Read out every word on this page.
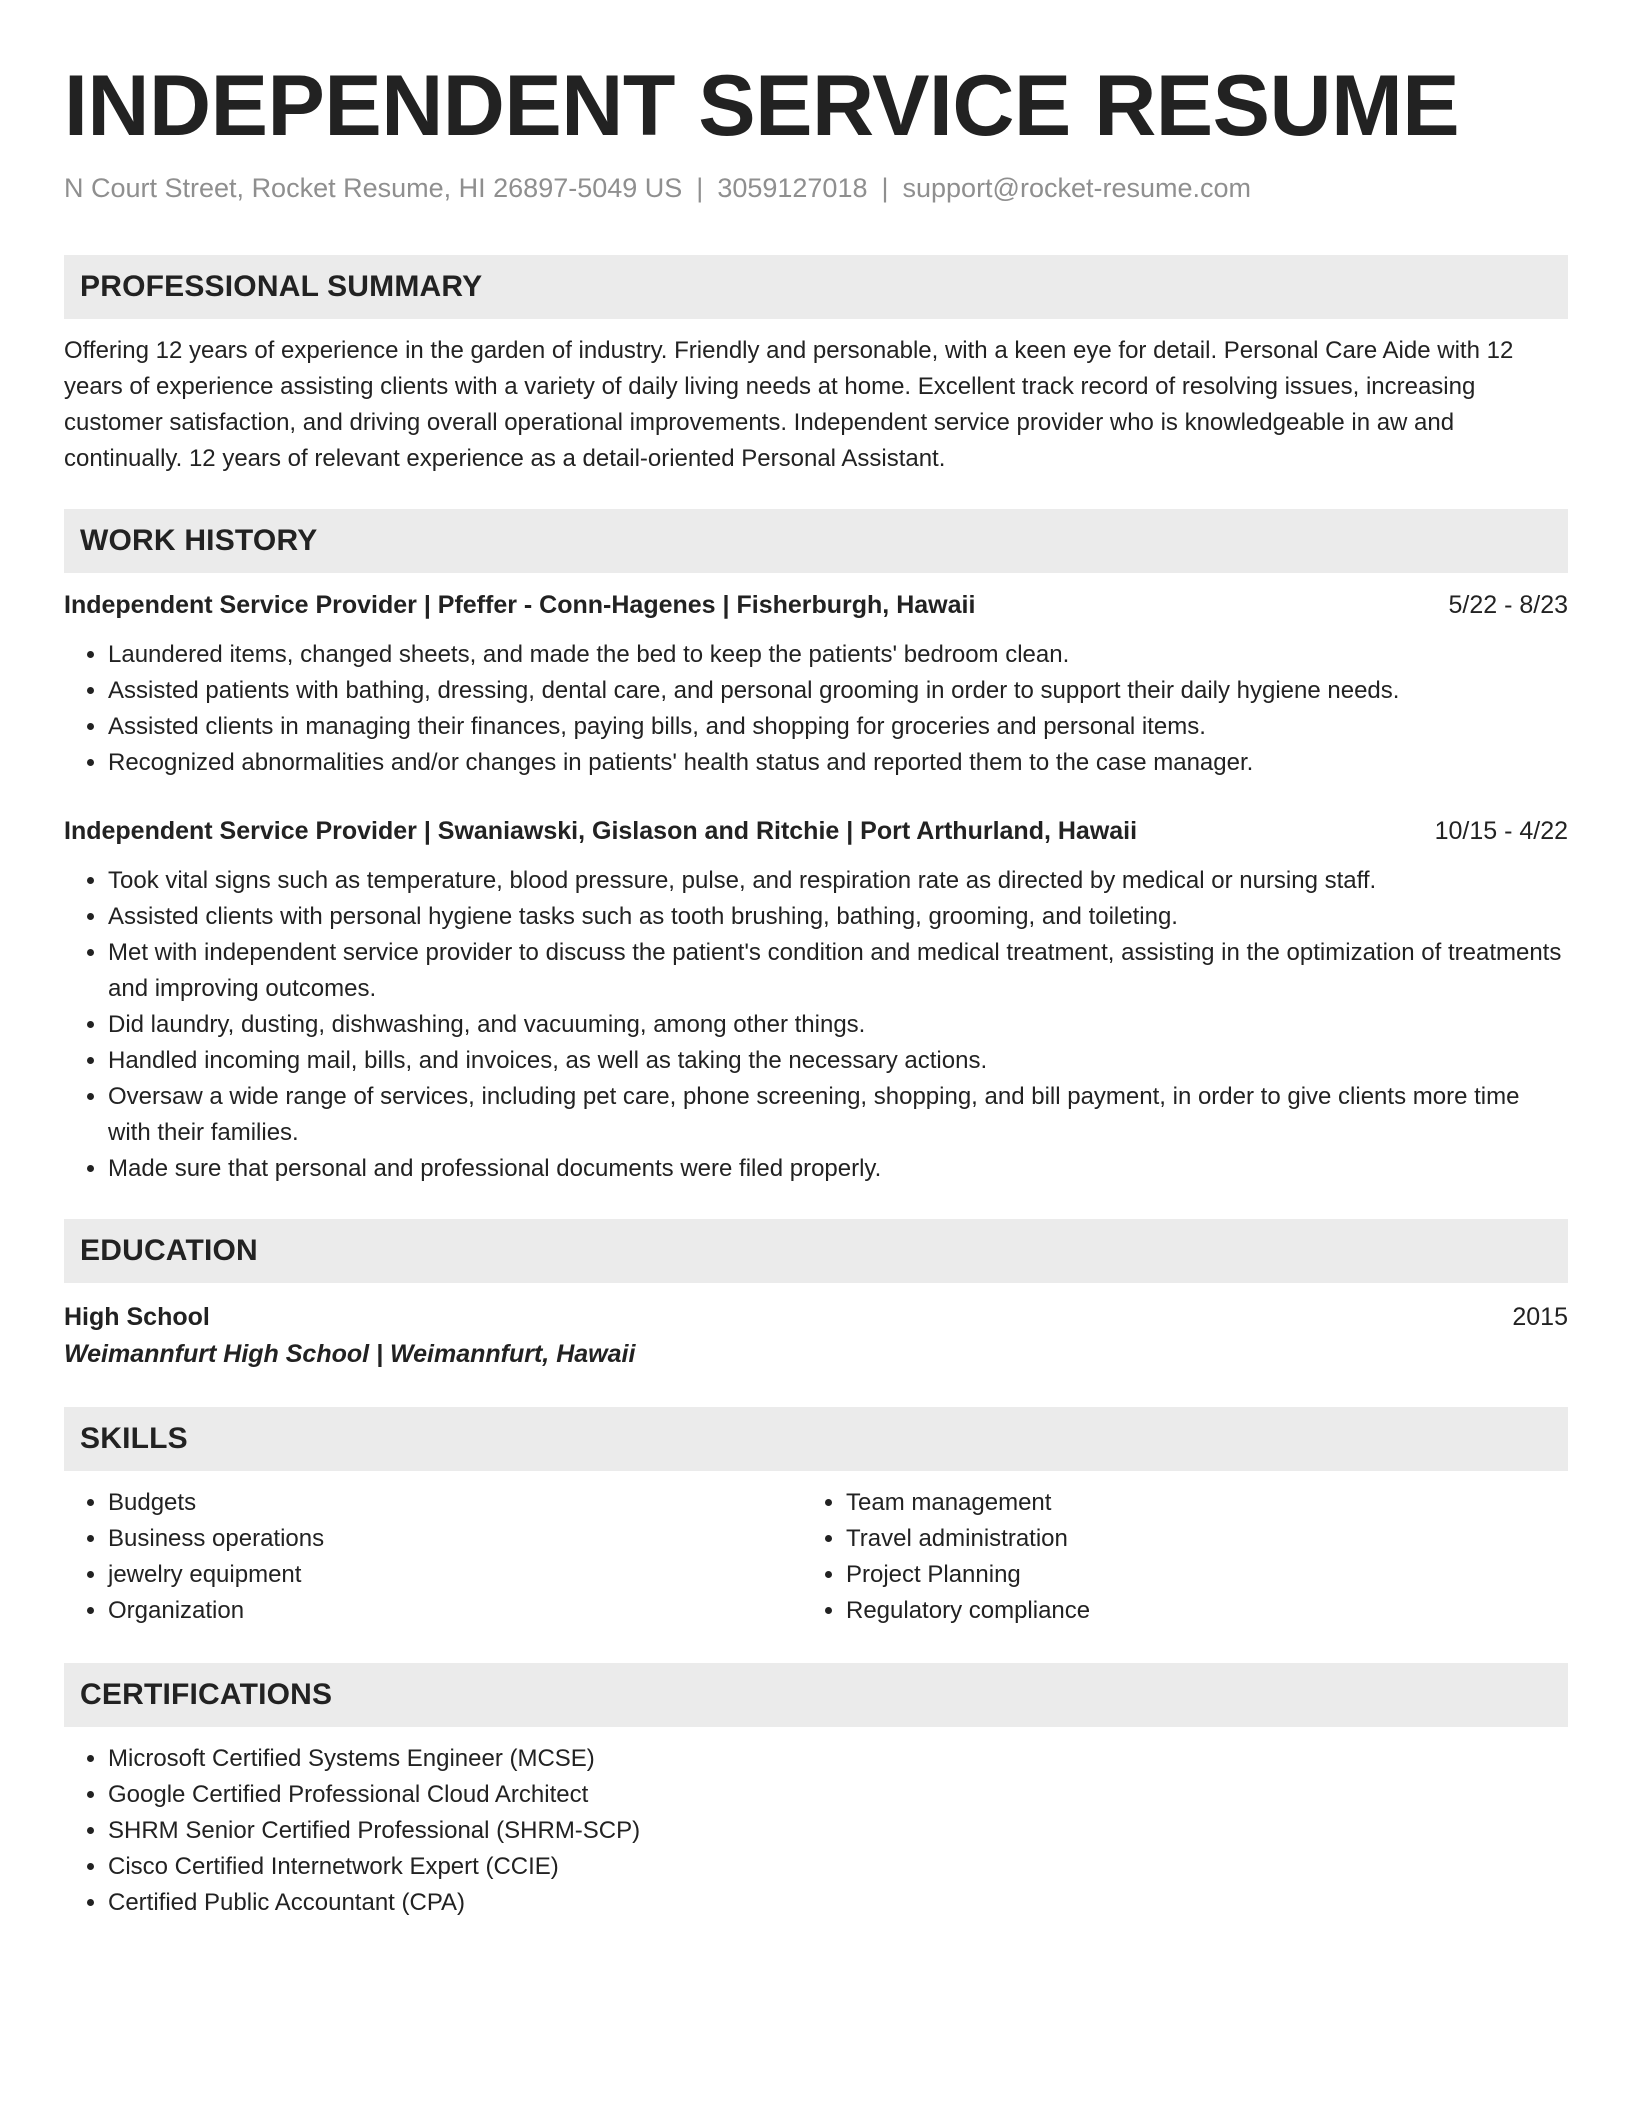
INDEPENDENT SERVICE RESUME
N Court Street, Rocket Resume, HI 26897-5049 US | 3059127018 | support@rocket-resume.com
PROFESSIONAL SUMMARY

Offering 12 years of experience in the garden of industry. Friendly and personable, with a keen eye for detail. Personal Care Aide with 12 years of experience assisting clients with a variety of daily living needs at home. Excellent track record of resolving issues, increasing customer satisfaction, and driving overall operational improvements. Independent service provider who is knowledgeable in aw and continually. 12 years of relevant experience as a detail-oriented Personal Assistant.

WORK HISTORY
Independent Service Provider | Pfeffer - Conn-Hagenes | Fisherburgh, Hawaii	5/22 - 8/23
• Laundered items, changed sheets, and made the bed to keep the patients' bedroom clean.
• Assisted patients with bathing, dressing, dental care, and personal grooming in order to support their daily hygiene needs.
• Assisted clients in managing their finances, paying bills, and shopping for groceries and personal items.
• Recognized abnormalities and/or changes in patients' health status and reported them to the case manager.
Independent Service Provider | Swaniawski, Gislason and Ritchie | Port Arthurland, Hawaii	10/15 - 4/22
• Took vital signs such as temperature, blood pressure, pulse, and respiration rate as directed by medical or nursing staff.
• Assisted clients with personal hygiene tasks such as tooth brushing, bathing, grooming, and toileting.
• Met with independent service provider to discuss the patient's condition and medical treatment, assisting in the optimization of treatments and improving outcomes.
• Did laundry, dusting, dishwashing, and vacuuming, among other things.
• Handled incoming mail, bills, and invoices, as well as taking the necessary actions.
• Oversaw a wide range of services, including pet care, phone screening, shopping, and bill payment, in order to give clients more time with their families.
• Made sure that personal and professional documents were filed properly.
EDUCATION
High School	2015
Weimannfurt High School | Weimannfurt, Hawaii
SKILLS
• Budgets
• Business operations
• jewelry equipment
• Organization
• Team management
• Travel administration
• Project Planning
• Regulatory compliance
CERTIFICATIONS
• Microsoft Certified Systems Engineer (MCSE)
• Google Certified Professional Cloud Architect
• SHRM Senior Certified Professional (SHRM-SCP)
• Cisco Certified Internetwork Expert (CCIE)
• Certified Public Accountant (CPA)
